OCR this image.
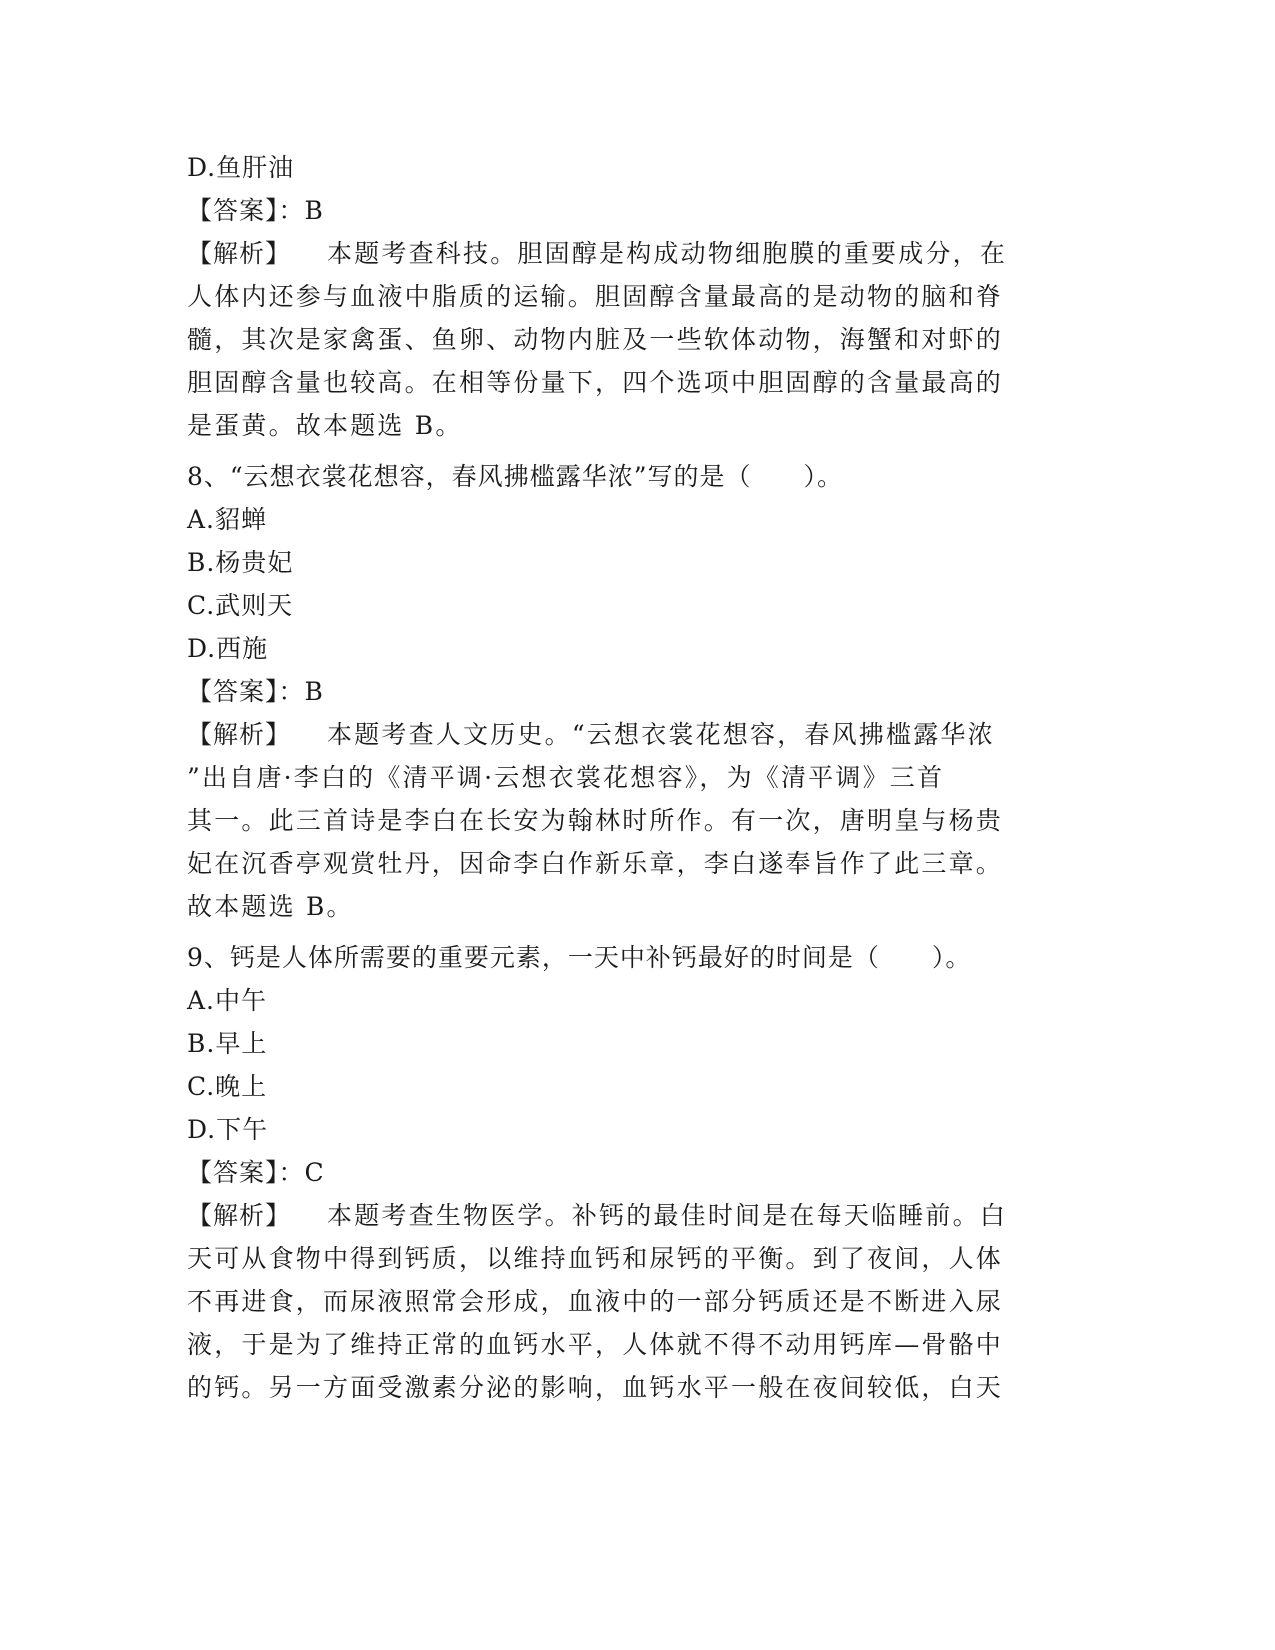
D.鱼肝油
【答案】：B
【解析】 本题考查科技。胆固醇是构成动物细胞膜的重要成分，在
人体内还参与血液中脂质的运输。胆固醇含量最高的是动物的脑和脊
髓，其次是家禽蛋、鱼卵、动物内脏及一些软体动物，海蟹和对虾的
胆固醇含量也较高。在相等份量下，四个选项中胆固醇的含量最高的
是蛋黄。故本题选 B。
8、“云想衣裳花想容，春风拂槛露华浓”写的是（　　）。
A.貂蝉
B.杨贵妃
C.武则天
D.西施
【答案】：B
【解析】 本题考查人文历史。“云想衣裳花想容，春风拂槛露华浓
”出自唐·李白的《清平调·云想衣裳花想容》，为《清平调》三首
其一。此三首诗是李白在长安为翰林时所作。有一次，唐明皇与杨贵
妃在沉香亭观赏牡丹，因命李白作新乐章，李白遂奉旨作了此三章。
故本题选 B。
9、钙是人体所需要的重要元素，一天中补钙最好的时间是（　　）。
A.中午
B.早上
C.晚上
D.下午
【答案】：C
【解析】 本题考查生物医学。补钙的最佳时间是在每天临睡前。白
天可从食物中得到钙质，以维持血钙和尿钙的平衡。到了夜间，人体
不再进食，而尿液照常会形成，血液中的一部分钙质还是不断进入尿
液，于是为了维持正常的血钙水平，人体就不得不动用钙库—骨骼中
的钙。另一方面受激素分泌的影响，血钙水平一般在夜间较低，白天
